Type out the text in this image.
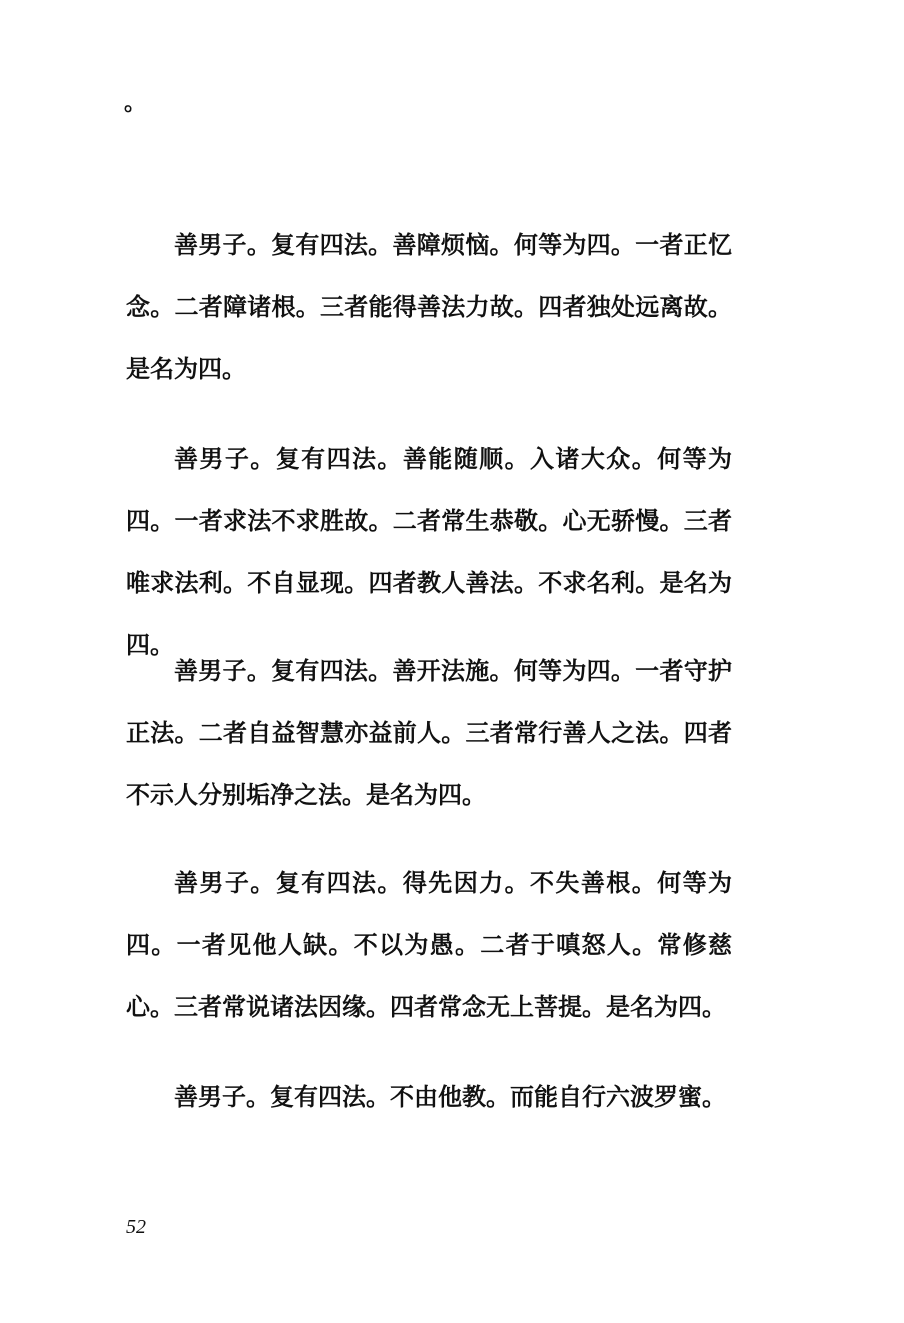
。

善男子。复有四法。善障烦恼。何等为四。一者正忆念。二者障诸根。三者能得善法力故。四者独处远离故。是名为四。

善男子。复有四法。善能随顺。入诸大众。何等为四。一者求法不求胜故。二者常生恭敬。心无骄慢。三者唯求法利。不自显现。四者教人善法。不求名利。是名为四。

善男子。复有四法。善开法施。何等为四。一者守护正法。二者自益智慧亦益前人。三者常行善人之法。四者不示人分别垢净之法。是名为四。

善男子。复有四法。得先因力。不失善根。何等为四。一者见他人缺。不以为愚。二者于嗔怒人。常修慈心。三者常说诸法因缘。四者常念无上菩提。是名为四。

善男子。复有四法。不由他教。而能自行六波罗蜜。

52
